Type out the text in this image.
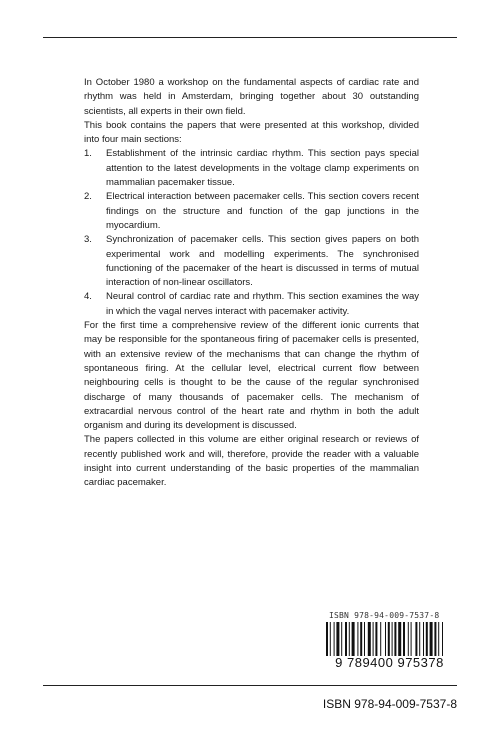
In October 1980 a workshop on the fundamental aspects of cardiac rate and rhythm was held in Amsterdam, bringing together about 30 outstanding scientists, all experts in their own field.

This book contains the papers that were presented at this workshop, divided into four main sections:

1.	Establishment of the intrinsic cardiac rhythm. This section pays special attention to the latest developments in the voltage clamp experiments on mammalian pacemaker tissue.
2.	Electrical interaction between pacemaker cells. This section covers recent findings on the structure and function of the gap junctions in the myocardium.
3.	Synchronization of pacemaker cells. This section gives papers on both experimental work and modelling experiments. The synchronised functioning of the pacemaker of the heart is discussed in terms of mutual interaction of non-linear oscillators.
4.	Neural control of cardiac rate and rhythm. This section examines the way in which the vagal nerves interact with pacemaker activity.

For the first time a comprehensive review of the different ionic currents that may be responsible for the spontaneous firing of pacemaker cells is presented, with an extensive review of the mechanisms that can change the rhythm of spontaneous firing. At the cellular level, electrical current flow between neighbouring cells is thought to be the cause of the regular synchronised discharge of many thousands of pacemaker cells. The mechanism of extracardial nervous control of the heart rate and rhythm in both the adult organism and during its development is discussed.

The papers collected in this volume are either original research or reviews of recently published work and will, therefore, provide the reader with a valuable insight into current understanding of the basic properties of the mammalian cardiac pacemaker.

ISBN 978-94-009-7537-8
9 789400 975378
ISBN 978-94-009-7537-8
